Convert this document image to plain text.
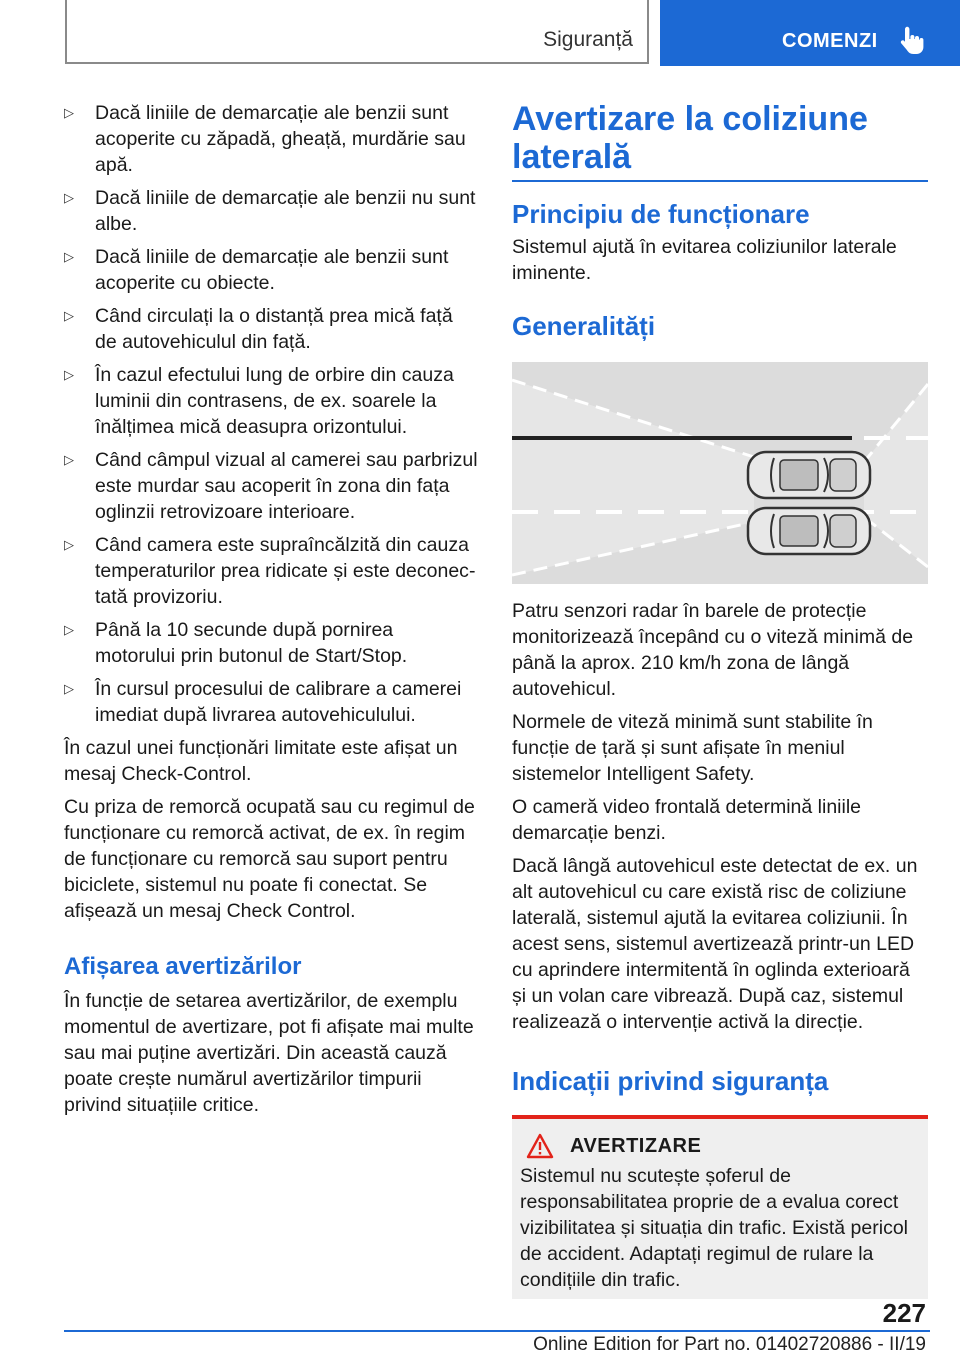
Siguranță	COMENZI
▷ Dacă liniile de demarcație ale benzii sunt acoperite cu zăpadă, gheață, murdărie sau apă.
▷ Dacă liniile de demarcație ale benzii nu sunt albe.
▷ Dacă liniile de demarcație ale benzii sunt acoperite cu obiecte.
▷ Când circulați la o distanță prea mică față de autovehiculul din față.
▷ În cazul efectului lung de orbire din cauza luminii din contrasens, de ex. soarele la înălțimea mică deasupra orizontului.
▷ Când câmpul vizual al camerei sau parbrizul este murdar sau acoperit în zona din fața oglinzii retrovizoare interioare.
▷ Când camera este supraîncălzită din cauza temperaturilor prea ridicate și este deconectată provizoriu.
▷ Până la 10 secunde după pornirea motorului prin butonul de Start/Stop.
▷ În cursul procesului de calibrare a camerei imediat după livrarea autovehiculului.

În cazul unei funcționări limitate este afișat un mesaj Check-Control.

Cu priza de remorcă ocupată sau cu regimul de funcționare cu remorcă activat, de ex. în regim de funcționare cu remorcă sau suport pentru biciclete, sistemul nu poate fi conectat. Se afișează un mesaj Check Control.

Afișarea avertizărilor

În funcție de setarea avertizărilor, de exemplu momentul de avertizare, pot fi afișate mai multe sau mai puține avertizări. Din această cauză poate crește numărul avertizărilor timpurii privind situațiile critice.

Avertizare la coliziune laterală
Principiu de funcționare

Sistemul ajută în evitarea coliziunilor laterale iminente.

Generalități

Patru senzori radar în barele de protecție monitorizează începând cu o viteză minimă de până la aprox. 210 km/h zona de lângă autovehicul.

Normele de viteză minimă sunt stabilite în funcție de țară și sunt afișate în meniul sistemelor Intelligent Safety.

O cameră video frontală determină liniile demarcație benzi.

Dacă lângă autovehicul este detectat de ex. un alt autovehicul cu care există risc de coliziune laterală, sistemul ajută la evitarea coliziunii. În acest sens, sistemul avertizează printr-un LED cu aprindere intermitentă în oglinda exterioară și un volan care vibrează. După caz, sistemul realizează o intervenție activă la direcție.

Indicații privind siguranța
AVERTIZARE

Sistemul nu scutește șoferul de responsabilitatea proprie de a evalua corect vizibilitatea și situația din trafic. Există pericol de accident. Adaptați regimul de rulare la condițiile din trafic.

227
Online Edition for Part no. 01402720886 - II/19
